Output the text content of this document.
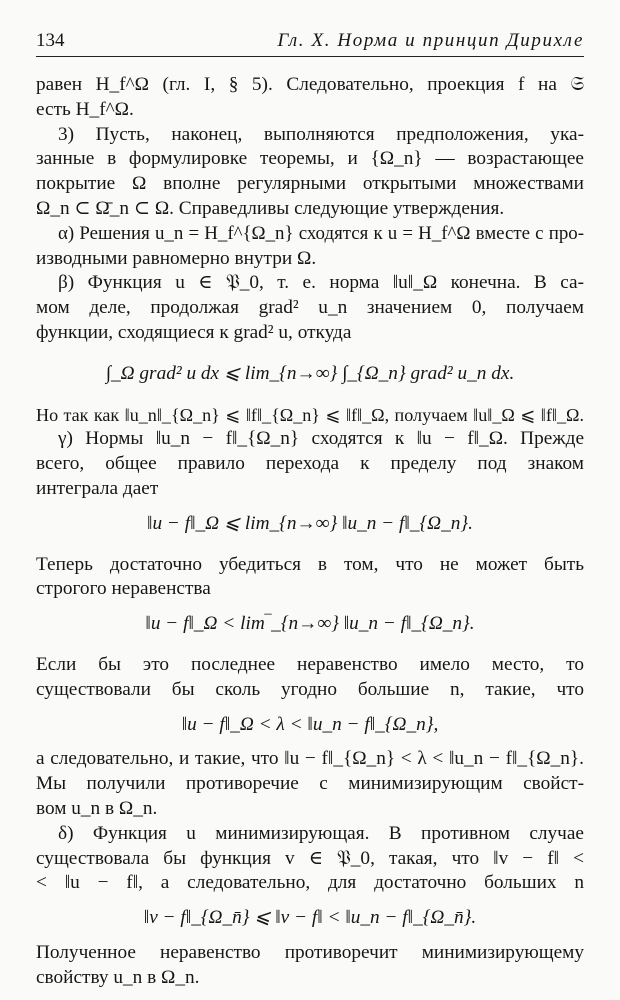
134	Гл. X. Норма и принцип Дирихле
равен H_f^Ω (гл. I, § 5). Следовательно, проекция f на 𝔖
есть H_f^Ω.
3) Пусть, наконец, выполняются предположения, ука-
занные в формулировке теоремы, и {Ω_n} — возрастающее
покрытие Ω вполне регулярными открытыми множествами
Ω_n ⊂ Ω̄_n ⊂ Ω. Справедливы следующие утверждения.
α) Решения u_n = H_f^{Ω_n} сходятся к u = H_f^Ω вместе с про-
изводными равномерно внутри Ω.
β) Функция u ∈ 𝔓_0, т. е. норма ‖u‖_Ω конечна. В са-
мом деле, продолжая grad² u_n значением 0, получаем
функции, сходящиеся к grad² u, откуда
∫_Ω grad² u dx ⩽ lim_{n→∞} ∫_{Ω_n} grad² u_n dx.
Но так как ‖u_n‖_{Ω_n} ⩽ ‖f‖_{Ω_n} ⩽ ‖f‖_Ω, получаем ‖u‖_Ω ⩽ ‖f‖_Ω.
γ) Нормы ‖u_n − f‖_{Ω_n} сходятся к ‖u − f‖_Ω. Прежде
всего, общее правило перехода к пределу под знаком
интеграла дает
‖u − f‖_Ω ⩽ lim_{n→∞} ‖u_n − f‖_{Ω_n}.
Теперь достаточно убедиться в том, что не может быть
строгого неравенства
‖u − f‖_Ω < lim‾_{n→∞} ‖u_n − f‖_{Ω_n}.
Если бы это последнее неравенство имело место, то
существовали бы сколь угодно большие n, такие, что
‖u − f‖_Ω < λ < ‖u_n − f‖_{Ω_n},
а следовательно, и такие, что ‖u − f‖_{Ω_n} < λ < ‖u_n − f‖_{Ω_n}.
Мы получили противоречие с минимизирующим свойст-
вом u_n в Ω_n.
δ) Функция u минимизирующая. В противном случае
существовала бы функция v ∈ 𝔓_0, такая, что ‖v − f‖ <
< ‖u − f‖, а следовательно, для достаточно больших n
‖v − f‖_{Ω_n̄} ⩽ ‖v − f‖ < ‖u_n − f‖_{Ω_n̄}.
Полученное неравенство противоречит минимизирующему
свойству u_n в Ω_n.
